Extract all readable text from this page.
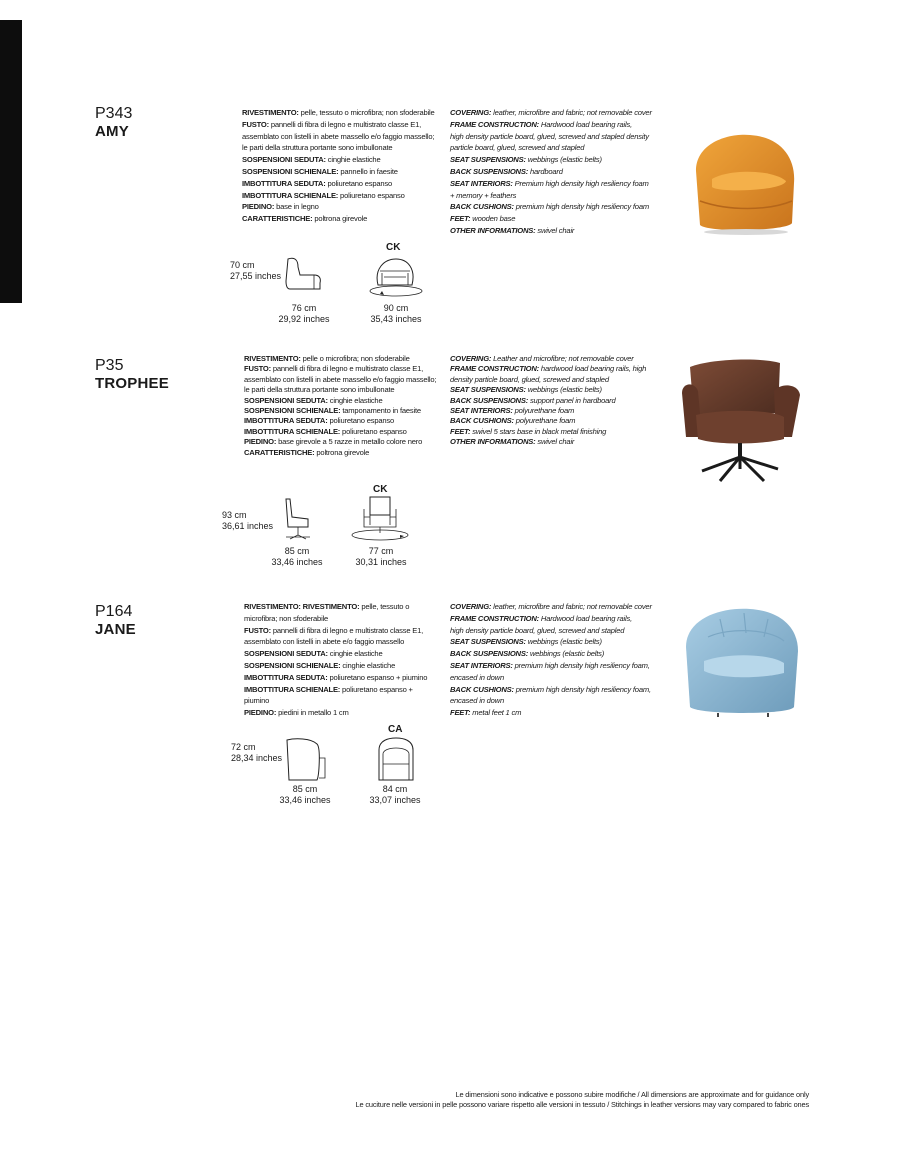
P343
AMY
RIVESTIMENTO: pelle, tessuto o microfibra; non sfoderabile
FUSTO: pannelli di fibra di legno e multistrato classe E1,
assemblato con listelli in abete massello e/o faggio massello;
le parti della struttura portante sono imbullonate
SOSPENSIONI SEDUTA: cinghie elastiche
SOSPENSIONI SCHIENALE: pannello in faesite
IMBOTTITURA SEDUTA: poliuretano espanso
IMBOTTITURA SCHIENALE: poliuretano espanso
PIEDINO: base in legno
CARATTERISTICHE: poltrona girevole
COVERING: leather, microfibre and fabric; not removable cover
FRAME CONSTRUCTION: Hardwood load bearing rails,
high density particle board, glued, screwed and stapled density
particle board, glued, screwed and stapled
SEAT SUSPENSIONS: webbings (elastic belts)
BACK SUSPENSIONS: hardboard
SEAT INTERIORS: Premium high density high resiliency foam
+ memory + feathers
BACK CUSHIONS: premium high density high resiliency foam
FEET: wooden base
OTHER INFORMATIONS: swivel chair
70 cm
27,55 inches
76 cm
29,92 inches
CK
90 cm
35,43 inches
P35
TROPHEE
RIVESTIMENTO: pelle o microfibra; non sfoderabile
FUSTO: pannelli di fibra di legno e multistrato classe E1,
assemblato con listelli in abete massello e/o faggio massello;
le parti della struttura portante sono imbullonate
SOSPENSIONI SEDUTA: cinghie elastiche
SOSPENSIONI SCHIENALE: tamponamento in faesite
IMBOTTITURA SEDUTA: poliuretano espanso
IMBOTTITURA SCHIENALE: poliuretano espanso
PIEDINO: base girevole a 5 razze in metallo colore nero
CARATTERISTICHE: poltrona girevole
COVERING: Leather and microfibre; not removable cover
FRAME CONSTRUCTION: hardwood load bearing rails, high
density particle board, glued, screwed and stapled
SEAT SUSPENSIONS: webbings (elastic belts)
BACK SUSPENSIONS: support panel in hardboard
SEAT INTERIORS: polyurethane foam
BACK CUSHIONS: polyurethane foam
FEET: swivel 5 stars base in black metal finishing
OTHER INFORMATIONS: swivel chair
93 cm
36,61 inches
85 cm
33,46 inches
CK
77 cm
30,31 inches
P164
JANE
RIVESTIMENTO: RIVESTIMENTO: pelle, tessuto o
microfibra; non sfoderabile
FUSTO: pannelli di fibra di legno e multistrato classe E1,
assemblato con listelli in abete e/o faggio massello
SOSPENSIONI SEDUTA: cinghie elastiche
SOSPENSIONI SCHIENALE: cinghie elastiche
IMBOTTITURA SEDUTA: poliuretano espanso + piumino
IMBOTTITURA SCHIENALE: poliuretano espanso +
piumino
PIEDINO: piedini in metallo 1 cm
COVERING: leather, microfibre and fabric; not removable cover
FRAME CONSTRUCTION: Hardwood load bearing rails,
high density particle board, glued, screwed and stapled
SEAT SUSPENSIONS: webbings (elastic belts)
BACK SUSPENSIONS: webbings (elastic belts)
SEAT INTERIORS: premium high density high resiliency foam,
encased in down
BACK CUSHIONS: premium high density high resiliency foam,
encased in down
FEET: metal feet 1 cm
72 cm
28,34 inches
85 cm
33,46 inches
CA
84 cm
33,07 inches
Le dimensioni sono indicative e possono subire modifiche / All dimensions are approximate and for guidance only
Le cuciture nelle versioni in pelle possono variare rispetto alle versioni in tessuto / Stitchings in leather versions may vary compared to fabric ones
